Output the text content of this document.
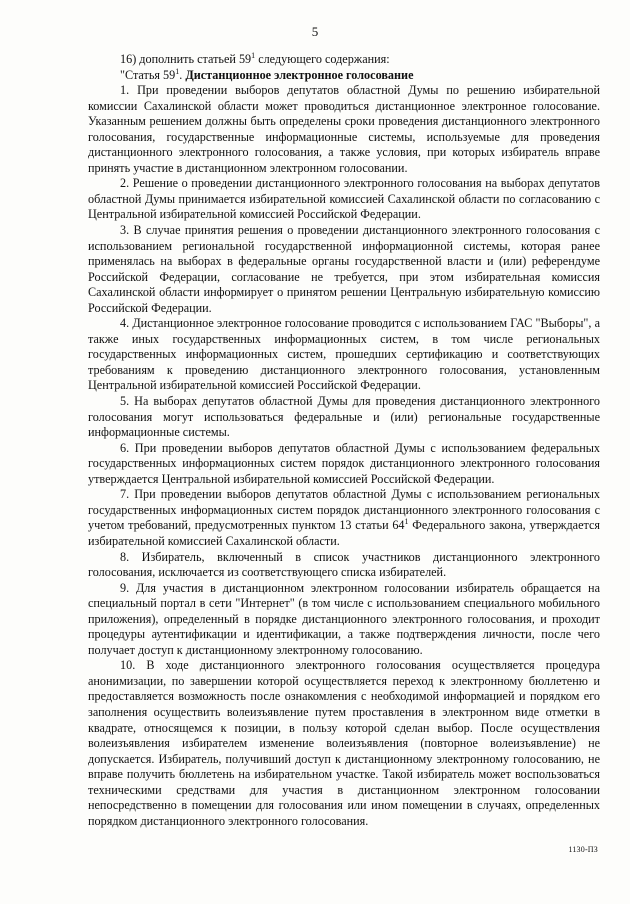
5

16) дополнить статьей $59^1$ следующего содержания:

"Статья $59^1$. Дистанционное электронное голосование

1. При проведении выборов депутатов областной Думы по решению избирательной комиссии Сахалинской области может проводиться дистанционное электронное голосование. Указанным решением должны быть определены сроки проведения дистанционного электронного голосования, государственные информационные системы, используемые для проведения дистанционного электронного голосования, а также условия, при которых избиратель вправе принять участие в дистанционном электронном голосовании.

2. Решение о проведении дистанционного электронного голосования на выборах депутатов областной Думы принимается избирательной комиссией Сахалинской области по согласованию с Центральной избирательной комиссией Российской Федерации.

3. В случае принятия решения о проведении дистанционного электронного голосования с использованием региональной государственной информационной системы, которая ранее применялась на выборах в федеральные органы государственной власти и (или) референдуме Российской Федерации, согласование не требуется, при этом избирательная комиссия Сахалинской области информирует о принятом решении Центральную избирательную комиссию Российской Федерации.

4. Дистанционное электронное голосование проводится с использованием ГАС "Выборы", а также иных государственных информационных систем, в том числе региональных государственных информационных систем, прошедших сертификацию и соответствующих требованиям к проведению дистанционного электронного голосования, установленным Центральной избирательной комиссией Российской Федерации.

5. На выборах депутатов областной Думы для проведения дистанционного электронного голосования могут использоваться федеральные и (или) региональные государственные информационные системы.

6. При проведении выборов депутатов областной Думы с использованием федеральных государственных информационных систем порядок дистанционного электронного голосования утверждается Центральной избирательной комиссией Российской Федерации.

7. При проведении выборов депутатов областной Думы с использованием региональных государственных информационных систем порядок дистанционного электронного голосования с учетом требований, предусмотренных пунктом 13 статьи $64^1$ Федерального закона, утверждается избирательной комиссией Сахалинской области.

8. Избиратель, включенный в список участников дистанционного электронного голосования, исключается из соответствующего списка избирателей.

9. Для участия в дистанционном электронном голосовании избиратель обращается на специальный портал в сети "Интернет" (в том числе с использованием специального мобильного приложения), определенный в порядке дистанционного электронного голосования, и проходит процедуры аутентификации и идентификации, а также подтверждения личности, после чего получает доступ к дистанционному электронному голосованию.

10. В ходе дистанционного электронного голосования осуществляется процедура анонимизации, по завершении которой осуществляется переход к электронному бюллетеню и предоставляется возможность после ознакомления с необходимой информацией и порядком его заполнения осуществить волеизъявление путем проставления в электронном виде отметки в квадрате, относящемся к позиции, в пользу которой сделан выбор. После осуществления волеизъявления избирателем изменение волеизъявления (повторное волеизъявление) не допускается. Избиратель, получивший доступ к дистанционному электронному голосованию, не вправе получить бюллетень на избирательном участке. Такой избиратель может воспользоваться техническими средствами для участия в дистанционном электронном голосовании непосредственно в помещении для голосования или ином помещении в случаях, определенных порядком дистанционного электронного голосования.

1130-ПЗ
